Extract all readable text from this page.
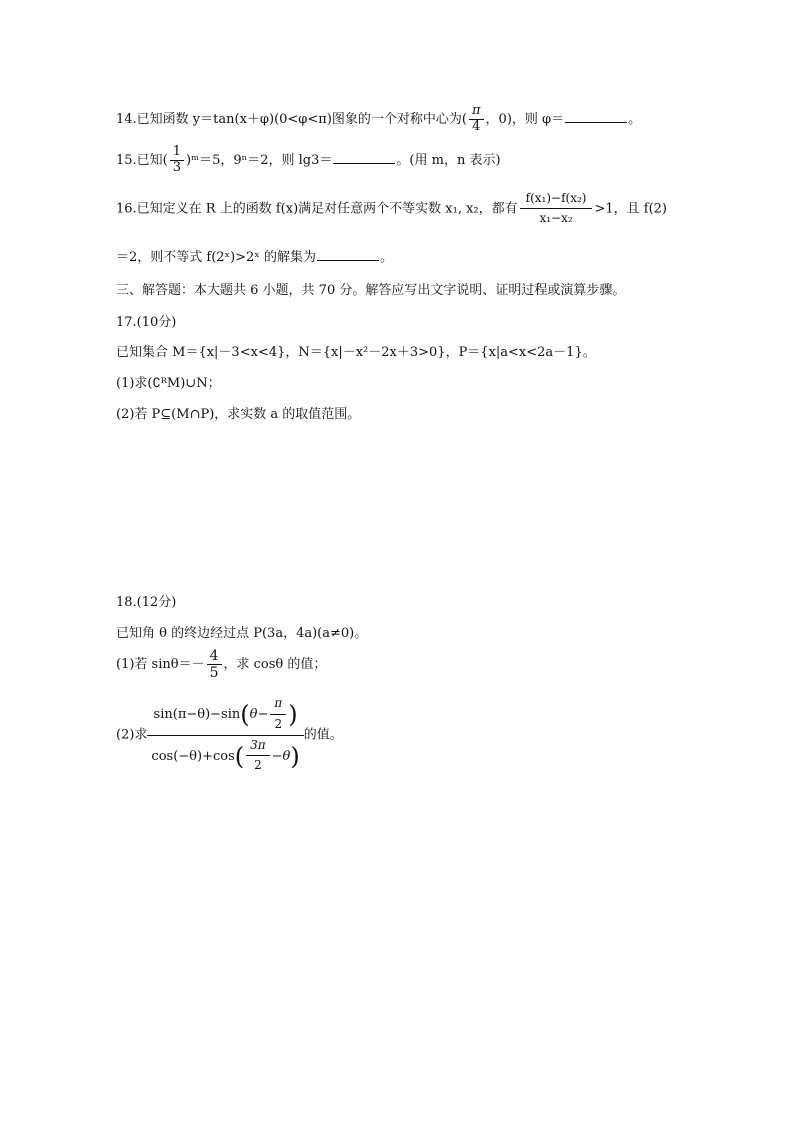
14.已知函数 y＝tan(x＋φ)(0<φ<π)图象的一个对称中心为( $\frac{\pi}{4}$ ，0)，则 φ＝	。
15.已知( $\frac{1}{3}$ )ᵐ＝5，9ⁿ＝2，则 lg3＝	。(用 m，n 表示)
16.已知定义在 R 上的函数 f(x)满足对任意两个不等实数 x₁, x₂，都有 $\frac{\text{f(x₁)−f(x₂)}}{\text{x₁−x₂}} >1$，且 f(2)
＝2，则不等式 f(2ˣ)>2ˣ 的解集为	。
三、解答题：本大题共 6 小题，共 70 分。解答应写出文字说明、证明过程或演算步骤。
17.(10分)
已知集合 M＝{x|－3<x<4}，N＝{x|－x²－2x＋3>0}，P＝{x|a<x<2a－1}。
(1)求(∁ᴿM)∪N；
(2)若 P⊆(M∩P)，求实数 a 的取值范围。
18.(12分)
已知角 θ 的终边经过点 P(3a，4a)(a≠0)。
(1)若 $\sin\theta=- \frac{4}{5}$ ，求 cosθ 的值；
(2)求 $\frac{\sin(\pi-\theta)-\sin(\theta- \frac{\pi}{2} )}{\cos(-\theta)+\cos( \frac{3\pi}{2} -\theta)}$ 的值。
